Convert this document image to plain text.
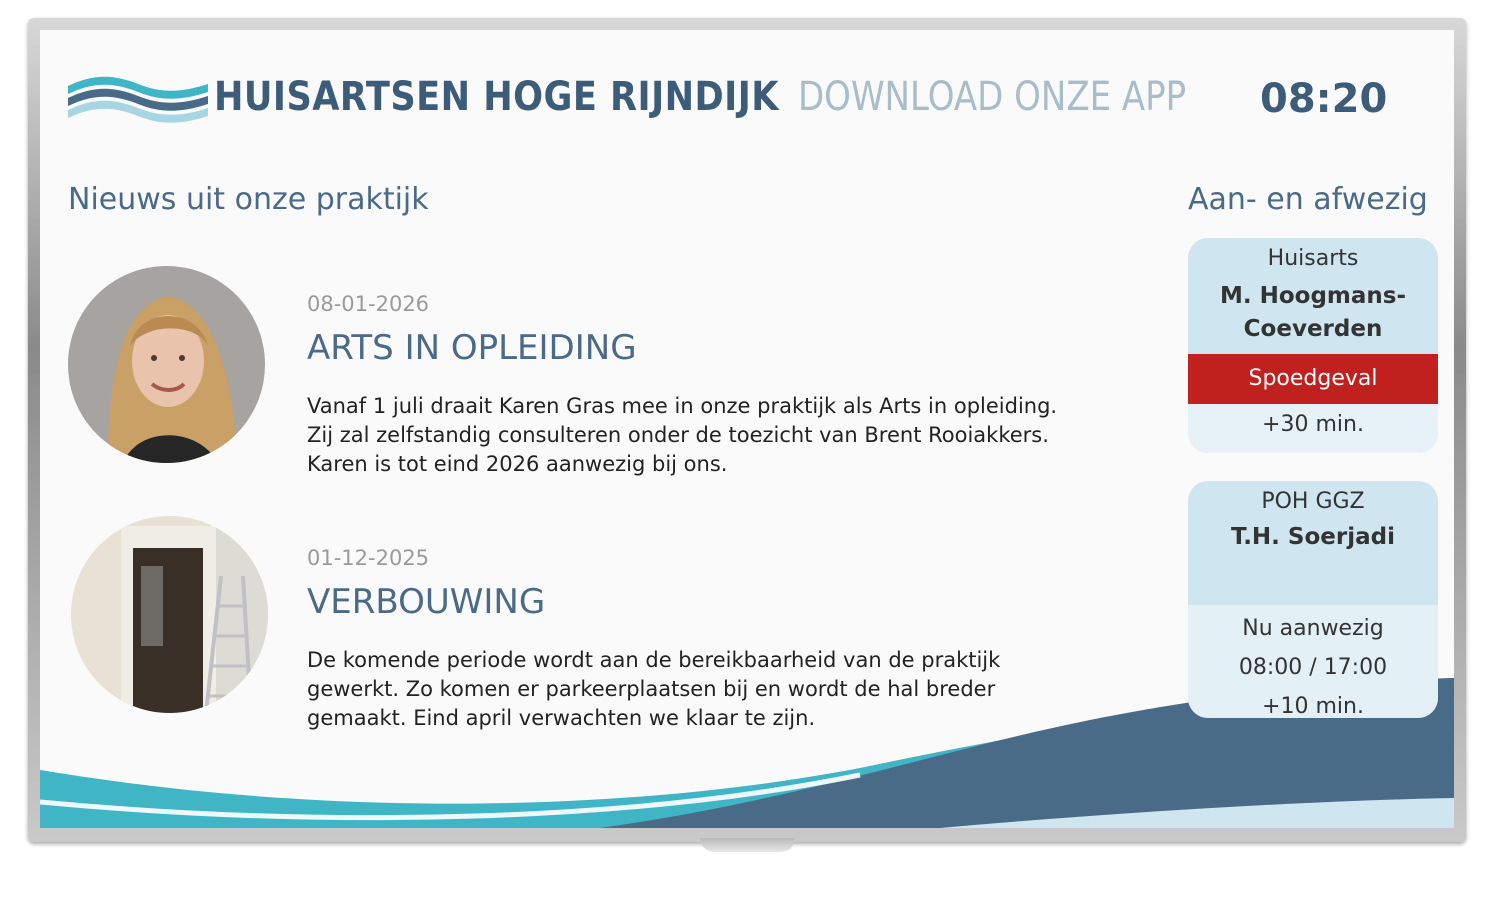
HUISARTSEN HOGE RIJNDIJK DOWNLOAD ONZE APP 08:20
Nieuws uit onze praktijk
08-01-2026
ARTS IN OPLEIDING
Vanaf 1 juli draait Karen Gras mee in onze praktijk als Arts in opleiding. Zij zal zelfstandig consulteren onder de toezicht van Brent Rooiakkers. Karen is tot eind 2026 aanwezig bij ons.
01-12-2025
VERBOUWING
De komende periode wordt aan de bereikbaarheid van de praktijk gewerkt. Zo komen er parkeerplaatsen bij en wordt de hal breder gemaakt. Eind april verwachten we klaar te zijn.
Aan- en afwezig
Huisarts
M. Hoogmans-
Coeverden
Spoedgeval
+30 min.
POH GGZ
T.H. Soerjadi
Nu aanwezig
08:00 / 17:00
+10 min.
